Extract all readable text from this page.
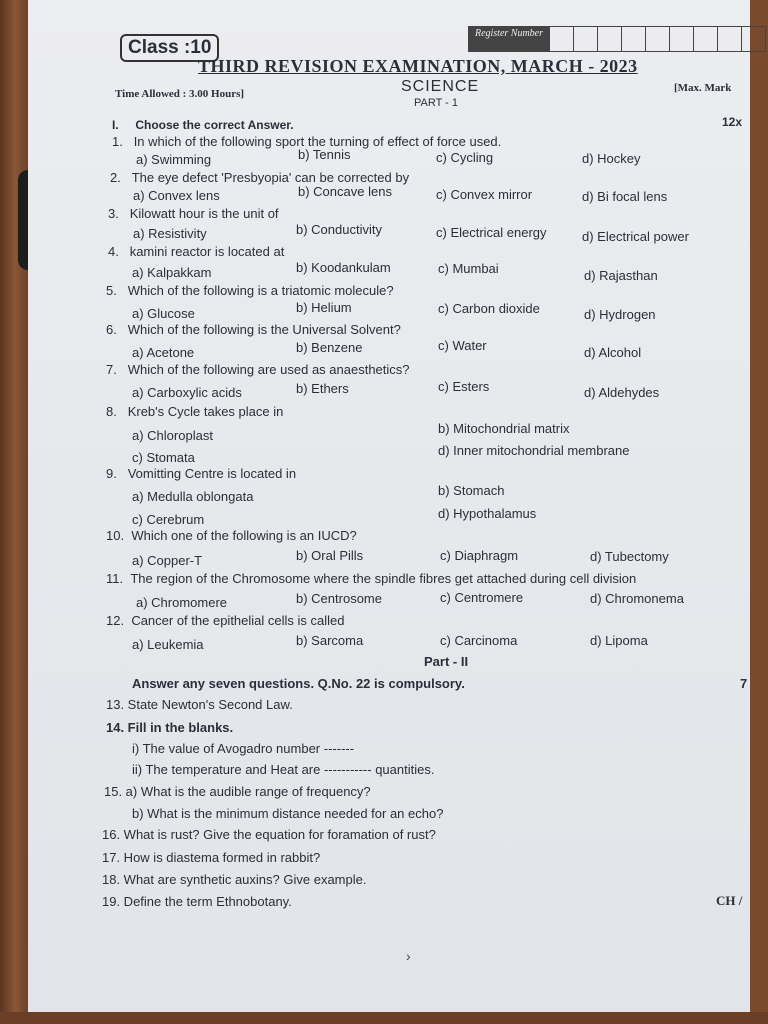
Class :10
Register Number
THIRD REVISION EXAMINATION, MARCH - 2023
Time Allowed : 3.00 Hours]	SCIENCE	[Max. Mark
PART - 1
I. Choose the correct Answer.	12x
1. In which of the following sport the turning of effect of force used.
a) Swimming	b) Tennis	c) Cycling	d) Hockey
2. The eye defect 'Presbyopia' can be corrected by
a) Convex lens	b) Concave lens	c) Convex mirror	d) Bi focal lens
3. Kilowatt hour is the unit of
a) Resistivity	b) Conductivity	c) Electrical energy	d) Electrical power
4. kamini reactor is located at
a) Kalpakkam	b) Koodankulam	c) Mumbai	d) Rajasthan
5. Which of the following is a triatomic molecule?
a) Glucose	b) Helium	c) Carbon dioxide	d) Hydrogen
6. Which of the following is the Universal Solvent?
a) Acetone	b) Benzene	c) Water	d) Alcohol
7. Which of the following are used as anaesthetics?
a) Carboxylic acids	b) Ethers	c) Esters	d) Aldehydes
8. Kreb's Cycle takes place in
a) Chloroplast	b) Mitochondrial matrix
c) Stomata	d) Inner mitochondrial membrane
9. Vomitting Centre is located in
a) Medulla oblongata	b) Stomach
c) Cerebrum	d) Hypothalamus
10. Which one of the following is an IUCD?
a) Copper-T	b) Oral Pills	c) Diaphragm	d) Tubectomy
11. The region of the Chromosome where the spindle fibres get attached during cell division
a) Chromomere	b) Centrosome	c) Centromere	d) Chromonema
12. Cancer of the epithelial cells is called
a) Leukemia	b) Sarcoma	c) Carcinoma	d) Lipoma
Part - II
Answer any seven questions. Q.No. 22 is compulsory.	7
13. State Newton's Second Law.
14. Fill in the blanks.
i) The value of Avogadro number -------
ii) The temperature and Heat are ----------- quantities.
15. a) What is the audible range of frequency?
b) What is the minimum distance needed for an echo?
16. What is rust? Give the equation for foramation of rust?
17. How is diastema formed in rabbit?
18. What are synthetic auxins? Give example.
19. Define the term Ethnobotany.	CH /
›
